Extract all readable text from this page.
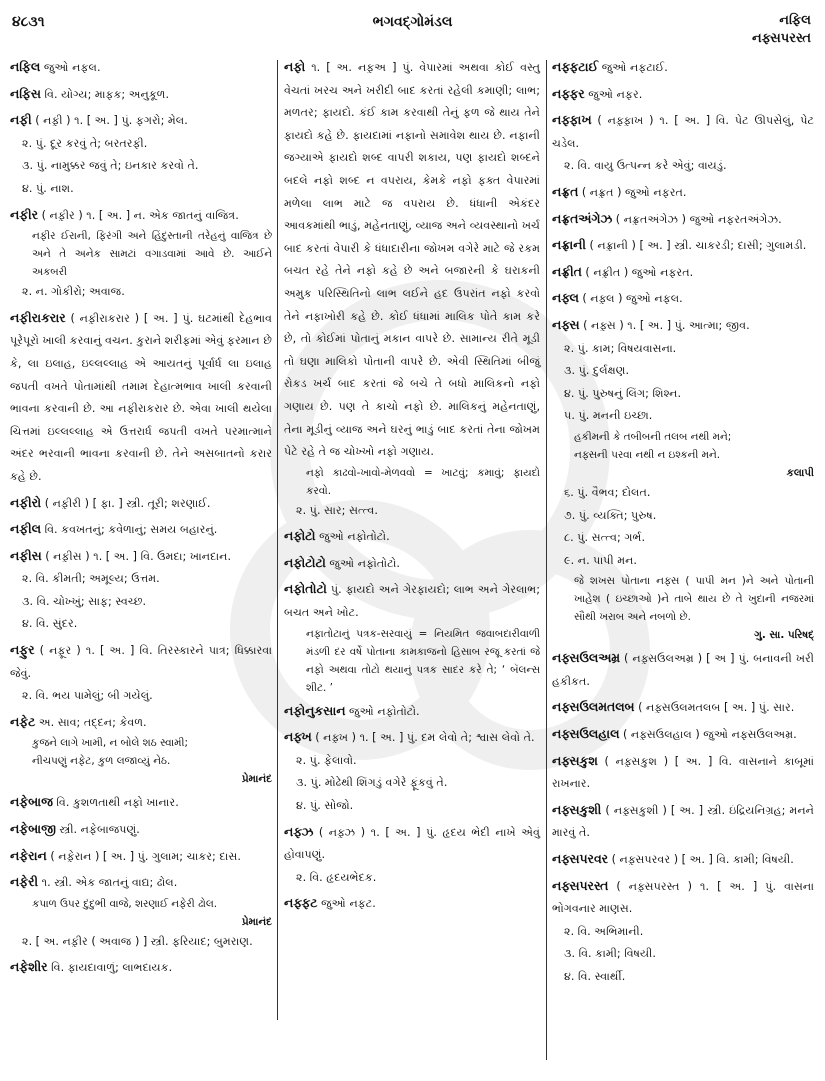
૪૮૩૧	ભગવદ્ગોમંડલ	નફિલ
નફ્સપરસ્ત
નફિલ જુઓ નફલ.
નફિસ વિ. યોગ્ય; માફક; અનુકૂળ.
નફી ( નફ઼ી ) ૧. [ અ. ] પું. ફગરો; મેલ.
૨. પું. દૂર કરવું તે; બરતરફી.
૩. પું. નામુક્કર જવું તે; ઇનકાર કરવો તે.
૪. પું. નાશ.
નફીર ( નફ઼ીર ) ૧. [ અ. ] ન. એક જાતનું વાજિત્ર.
નફીર ઈરાની, ફિરંગી અને હિંદુસ્તાની તરેહનું વાજિત્ર છે અને તે અનેક સામટાં વગાડવામાં આવે છે. આઈને અકબરી
૨. ન. ગોકીરો; અવાજ.
નફીરાકરાર ( નફ઼ીરાકરાર ) [ અ. ] પું. ઘટમાંથી દેહભાવ પૂરેપૂરો ખાલી કરવાનું વચન. કુરાને શરીફમાં એવું ફરમાન છે કે, લા ઇલાહ, ઇલ્લલ્લાહ એ આયતનું પૂર્વાર્ધ લા ઇલાહ જપતી વખતે પોતામાંથી તમામ દેહાત્મભાવ ખાલી કરવાની ભાવના કરવાની છે. આ નફીરાકરાર છે. એવા ખાલી થયેલા ચિત્તમાં ઇલ્લલ્લાહ એ ઉત્તરાર્ધ જપતી વખતે પરમાત્માને અંદર ભરવાની ભાવના કરવાની છે. તેને અસબાતનો કરાર કહે છે.
નફીરો ( નફ઼ીરી ) [ ફા. ] સ્ત્રી. તૂરી; શરણાઈ.
નફીલ વિ. કવખતનું; કવેળાનું; સમય બહારનું.
નફીસ ( નફ઼ીસ ) ૧. [ અ. ] વિ. ઉમદા; ખાનદાન.
૨. વિ. કીમતી; અમૂલ્ય; ઉત્તમ.
૩. વિ. ચોખ્ખું; સાફ; સ્વચ્છ.
૪. વિ. સુંદર.
નફુર ( નફ઼ૂર ) ૧. [ અ. ] વિ. તિરસ્કારને પાત્ર; ધિક્કારવા જેવું.
૨. વિ. ભય પામેલું; બી ગયેલું.
નફેટ અ. સાવ; તદ્દન; કેવળ.
કુજને લાગે ખામી, ન બોલે શઠ સ્વામી;
નીચપણું નફેટ, કુળ લજાવ્યું નેઠ.
પ્રેમાનંદ
નફેબાજ વિ. કુશળતાથી નફો ખાનાર.
નફેબાજી સ્ત્રી. નફેબાજપણું.
નફેરાન ( નફ઼ેરાન ) [ અ. ] પું. ગુલામ; ચાકર; દાસ.
નફેરી ૧. સ્ત્રી. એક જાતનું વાદ્ય; ઢોલ.
કપાળ ઉપર દુંદુભી વાજે, શરણાઈ નફેરી ઢોલ.
પ્રેમાનંદ
૨. [ અ. નફ઼ીર ( અવાજ ) ] સ્ત્રી. ફરિયાદ; બુમરાણ.
નફેશીર વિ. ફાયદાવાળું; લાભદાયક.
નફો ૧. [ અ. નફ઼અ ] પું. વેપારમાં અથવા કોઈ વસ્તુ વેચતાં ખરચ અને ખરીદી બાદ કરતાં રહેલી કમાણી; લાભ; મળતર; ફાયદો. કંઈ કામ કરવાથી તેનું ફળ જે થાય તેને ફાયદો કહે છે. ફાયદામાં નફાનો સમાવેશ થાય છે. નફાની જગ્યાએ ફાયદો શબ્દ વાપરી શકાય, પણ ફાયદો શબ્દને બદલે નફો શબ્દ ન વપરાય, કેમકે નફો ફક્ત વેપારમાં મળેલા લાભ માટે જ વપરાય છે. ધંધાની એકંદર આવકમાંથી ભાડું, મહેનતાણું, વ્યાજ અને વ્યવસ્થાનો ખર્ચ બાદ કરતાં વેપારી કે ધંધાદારીના જોખમ વગેરે માટે જે રકમ બચત રહે તેને નફો કહે છે અને બજારની કે ઘરાકની અમુક પરિસ્થિતિનો લાભ લઈને હદ ઉપરાંત નફો કરવો તેને નફાખોરી કહે છે. કોઈ ધંધામાં માલિક પોતે કામ કરે છે, તો કોઈમાં પોતાનું મકાન વાપરે છે. સામાન્ય રીતે મૂડી તો ઘણા માલિકો પોતાની વાપરે છે. એવી સ્થિતિમાં બીજું રોકડ ખર્ચ બાદ કરતાં જે બચે તે બધો માલિકનો નફો ગણાય છે. પણ તે કાચો નફો છે. માલિકનું મહેનતાણું, તેના મૂડીનું વ્યાજ અને ઘરનું ભાડું બાદ કરતાં તેના જોખમ પેટે રહે તે જ ચોખ્ખો નફો ગણાય.
નફો કાઢવો-ખાવો-મેળવવો = ખાટવું; કમાવું; ફાયદો કરવો.
૨. પું. સાર; સત્ત્વ.
નફોટો જુઓ નફોતોટો.
નફોટોટો જુઓ નફોતોટો.
નફોતોટો પું. ફાયદો અને ગેરફાયદો; લાભ અને ગેરલાભ; બચત અને ખોટ.
નફાતોટાનું પત્રક-સરવાયું = નિયમિત જવાબદારીવાળી મંડળી દર વર્ષે પોતાના કામકાજનો હિસાબ રજૂ કરતાં જે નફો અથવા તોટો થયાનું પત્રક સાદર કરે તે; ‘ બૅલન્સ શીટ. ’
નફોનુકસાન જુઓ નફોતોટો.
નફ્ખ ( નફ઼્ખ ) ૧. [ અ. ] પું. દમ લેવો તે; શ્વાસ લેવો તે.
૨. પું. ફેલાવો.
૩. પું. મોઢેથી શિંગડું વગેરે ફૂંકવું તે.
૪. પું. સોજો.
નફ્ઝ ( નફ઼્ઝ ) ૧. [ અ. ] પું. હૃદય ભેદી નાખે એવું હોવાપણું.
૨. વિ. હૃદયભેદક.
નફ્ફટ જુઓ નફટ.
નફ્ફટાઈ જુઓ નફટાઈ.
નફ્ફર જુઓ નફર.
નફ્ફાખ ( નફ઼્ફ઼ાખ ) ૧. [ અ. ] વિ. પેટ ઊપસેલું, પેટ ચડેલ.
૨. વિ. વાયુ ઉત્પન્ન કરે એવું; વાયડું.
નફ્રત ( નફ઼્રત ) જુઓ નફરત.
નફ્રતઅંગેઝ ( નફ઼્રતઅંગેઝ ) જુઓ નફરતઅંગેઝ.
નફ્રાની ( નફ઼્રાની ) [ અ. ] સ્ત્રી. ચાકરડી; દાસી; ગુલામડી.
નફ્રીત ( નફ઼્રીત ) જુઓ નફરત.
નફ્લ ( નફ઼્લ ) જુઓ નફલ.
નફ્સ ( નફ઼્સ ) ૧. [ અ. ] પું. આત્મા; જીવ.
૨. પું. કામ; વિષયવાસના.
૩. પું. દુર્લક્ષણ.
૪. પું. પુરુષનું લિંગ; શિશ્ન.
૫. પું. મનની ઇચ્છા.
હકીમની કે તબીબની તલબ નથી મને;
નફ્સની પરવા નથી ન ઇશ્કની મને.
કલાપી
૬. પું. વૈભવ; દોલત.
૭. પું. વ્યક્તિ; પુરુષ.
૮. પું. સત્ત્વ; ગર્ભ.
૯. ન. પાપી મન.
જે શખસ પોતાના નફ્સ ( પાપી મન )ને અને પોતાની ખાહેશ ( ઇચ્છાઓ )ને તાબે થાય છે તે ખુદાની નજરમાં સૌથી ખરાબ અને નબળો છે.
ગુ. સા. પરિષદ્
નફ્સઉલઅમ્ર ( નફ઼્સઉલઅમ્ર ) [ અ ] પું. બનાવની ખરી હકીકત.
નફ્સઉલમતલબ ( નફ઼્સઉલમતલબ [ અ. ] પું. સાર.
નફ્સઉલહાલ ( નફ઼્સઉલહાલ ) જુઓ નફ્સઉલઅમ્ર.
નફ્સકુશ ( નફ઼્સકુશ ) [ અ. ] વિ. વાસનાને કાબૂમાં રાખનાર.
નફ્સકુશી ( નફ઼્સકુશી ) [ અ. ] સ્ત્રી. ઇંદ્રિયનિગ્રહ; મનને મારવું તે.
નફ્સપરવર ( નફ઼્સપરવર ) [ અ. ] વિ. કામી; વિષયી.
નફ્સપરસ્ત ( નફ઼્સપરસ્ત ) ૧. [ અ. ] પું. વાસના ભોગવનાર માણસ.
૨. વિ. અભિમાની.
૩. વિ. કામી; વિષયી.
૪. વિ. સ્વાર્થી.
